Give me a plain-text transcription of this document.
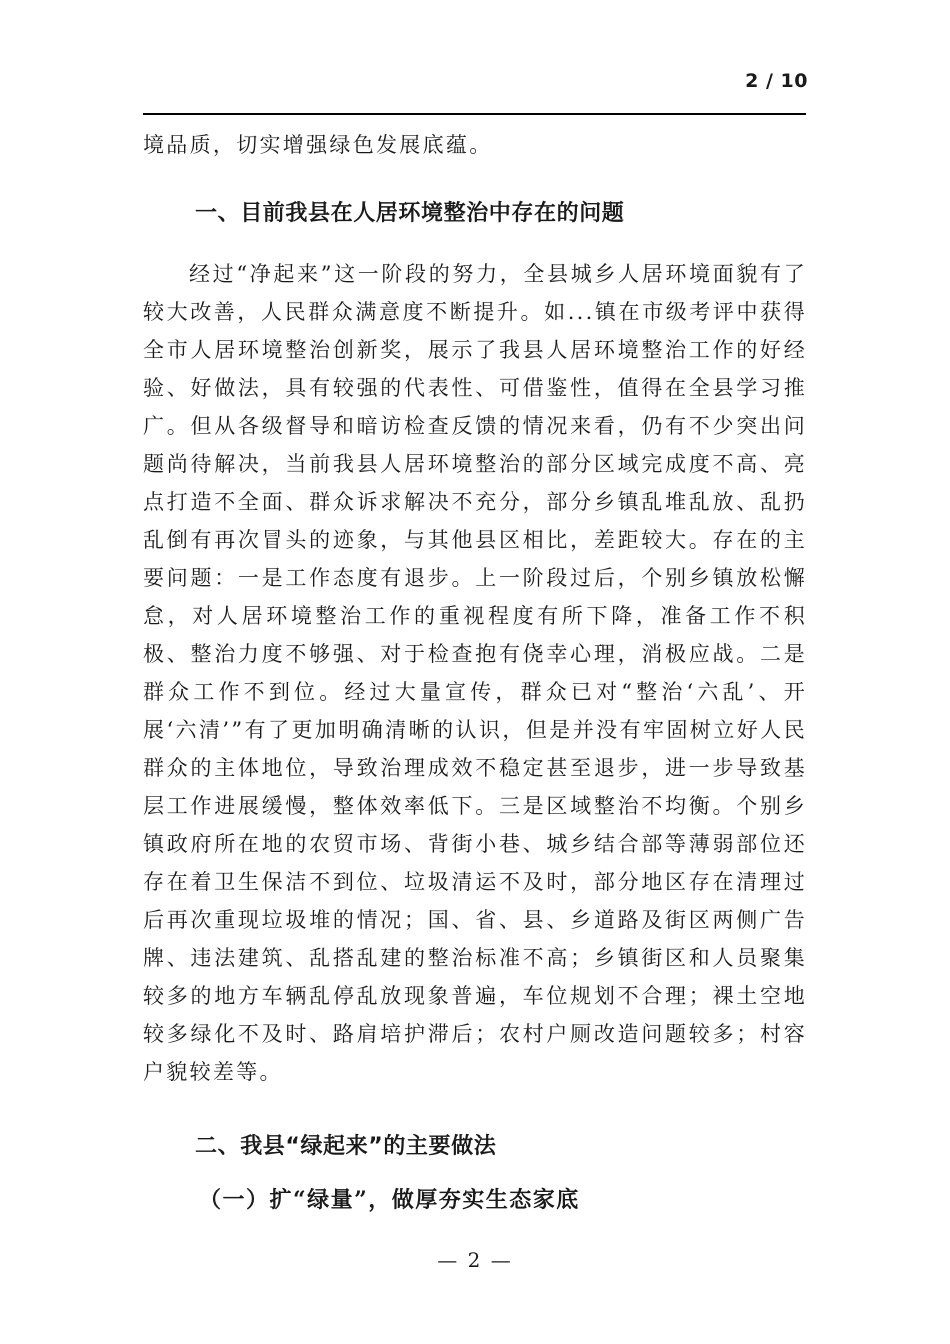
2 / 10

境品质，切实增强绿色发展底蕴。

一、目前我县在人居环境整治中存在的问题

经过“净起来”这一阶段的努力，全县城乡人居环境面貌有了较大改善，人民群众满意度不断提升。如...镇在市级考评中获得全市人居环境整治创新奖，展示了我县人居环境整治工作的好经验、好做法，具有较强的代表性、可借鉴性，值得在全县学习推广。但从各级督导和暗访检查反馈的情况来看，仍有不少突出问题尚待解决，当前我县人居环境整治的部分区域完成度不高、亮点打造不全面、群众诉求解决不充分，部分乡镇乱堆乱放、乱扔乱倒有再次冒头的迹象，与其他县区相比，差距较大。存在的主要问题：一是工作态度有退步。上一阶段过后，个别乡镇放松懈怠，对人居环境整治工作的重视程度有所下降，准备工作不积极、整治力度不够强、对于检查抱有侥幸心理，消极应战。二是群众工作不到位。经过大量宣传，群众已对“整治‘六乱’、开展‘六清’”有了更加明确清晰的认识，但是并没有牢固树立好人民群众的主体地位，导致治理成效不稳定甚至退步，进一步导致基层工作进展缓慢，整体效率低下。三是区域整治不均衡。个别乡镇政府所在地的农贸市场、背街小巷、城乡结合部等薄弱部位还存在着卫生保洁不到位、垃圾清运不及时，部分地区存在清理过后再次重现垃圾堆的情况；国、省、县、乡道路及街区两侧广告牌、违法建筑、乱搭乱建的整治标准不高；乡镇街区和人员聚集较多的地方车辆乱停乱放现象普遍，车位规划不合理；裸土空地较多绿化不及时、路肩培护滞后；农村户厕改造问题较多；村容户貌较差等。

二、我县“绿起来”的主要做法
（一）扩“绿量”，做厚夯实生态家底
— 2 —
